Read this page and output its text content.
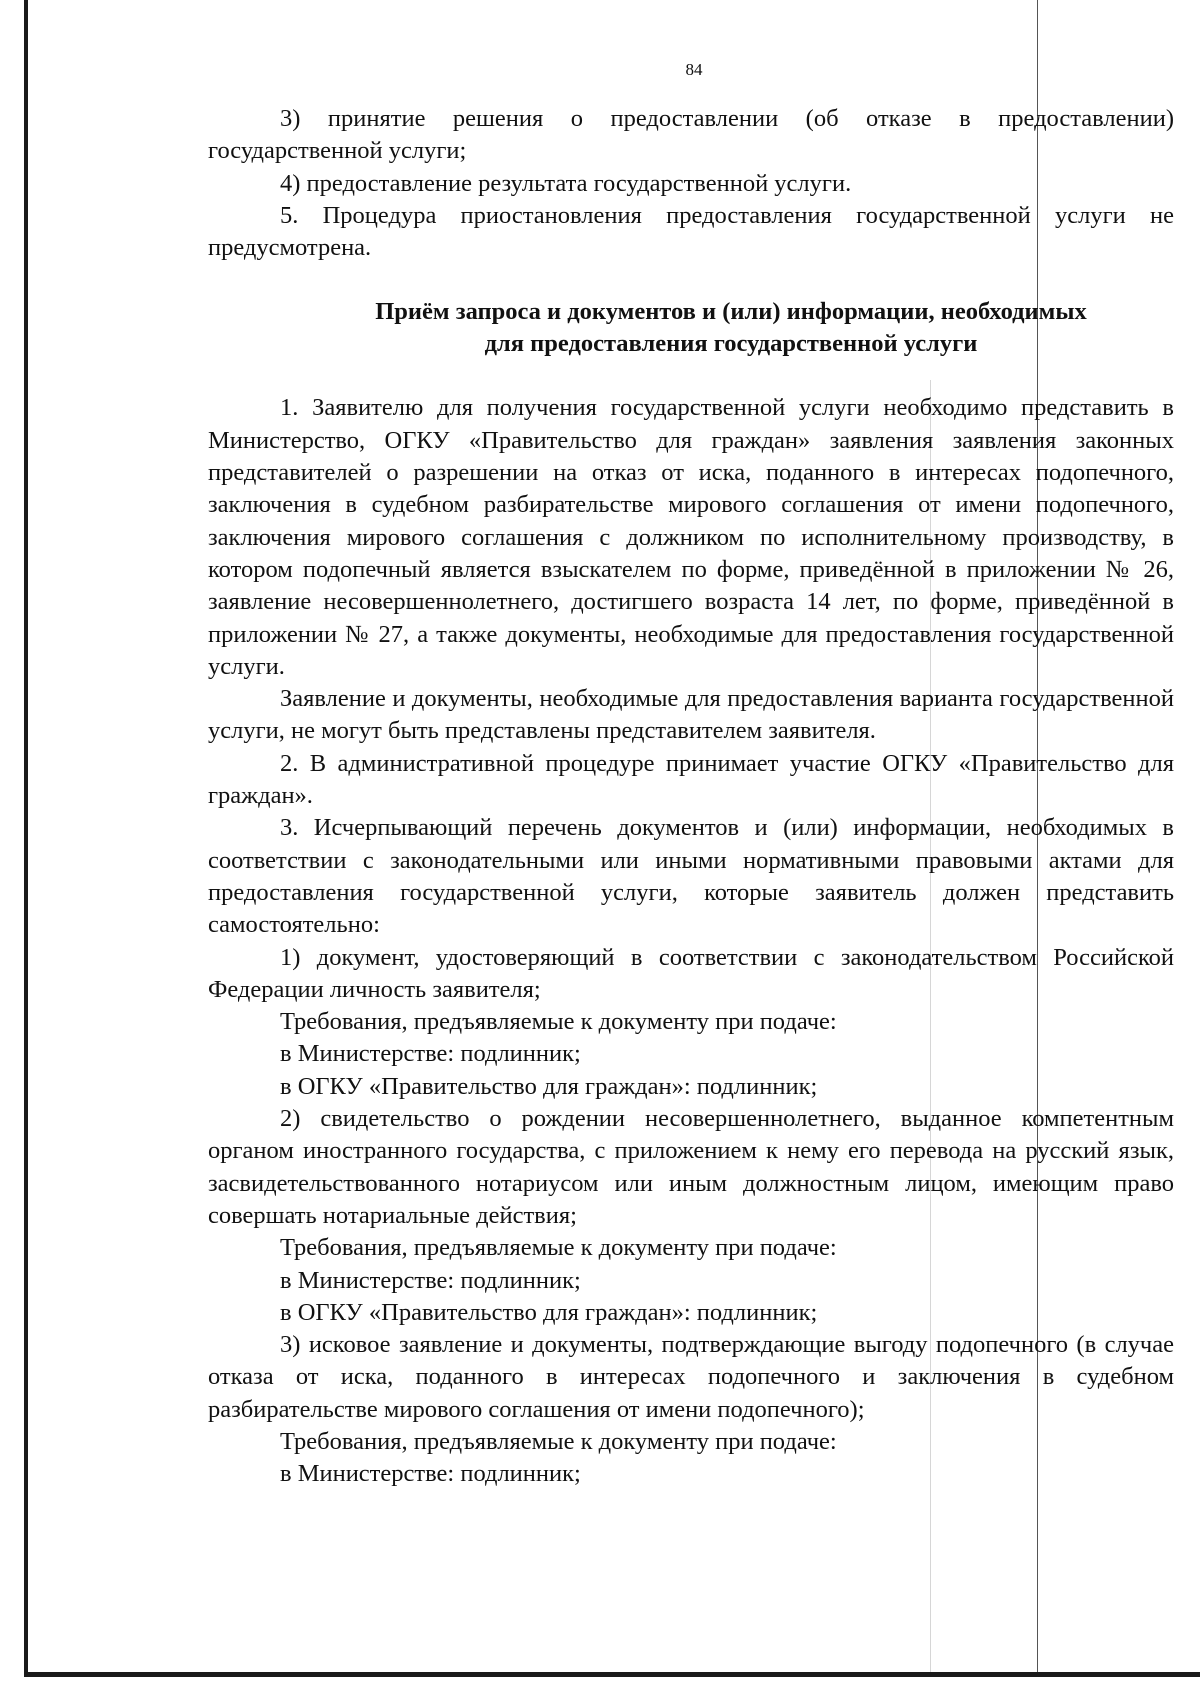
84

3) принятие решения о предоставлении (об отказе в предоставлении) государственной услуги;

4) предоставление результата государственной услуги.

5. Процедура приостановления предоставления государственной услуги не предусмотрена.

Приём запроса и документов и (или) информации, необходимых
для предоставления государственной услуги

1. Заявителю для получения государственной услуги необходимо представить в Министерство, ОГКУ «Правительство для граждан» заявления заявления законных представителей о разрешении на отказ от иска, поданного в интересах подопечного, заключения в судебном разбирательстве мирового соглашения от имени подопечного, заключения мирового соглашения с должником по исполнительному производству, в котором подопечный является взыскателем по форме, приведённой в приложении № 26, заявление несовершеннолетнего, достигшего возраста 14 лет, по форме, приведённой в приложении № 27, а также документы, необходимые для предоставления государственной услуги.

Заявление и документы, необходимые для предоставления варианта государственной услуги, не могут быть представлены представителем заявителя.

2. В административной процедуре принимает участие ОГКУ «Правительство для граждан».

3. Исчерпывающий перечень документов и (или) информации, необходимых в соответствии с законодательными или иными нормативными правовыми актами для предоставления государственной услуги, которые заявитель должен представить самостоятельно:

1) документ, удостоверяющий в соответствии с законодательством Российской Федерации личность заявителя;

Требования, предъявляемые к документу при подаче:

в Министерстве: подлинник;

в ОГКУ «Правительство для граждан»: подлинник;

2) свидетельство о рождении несовершеннолетнего, выданное компетентным органом иностранного государства, с приложением к нему его перевода на русский язык, засвидетельствованного нотариусом или иным должностным лицом, имеющим право совершать нотариальные действия;

Требования, предъявляемые к документу при подаче:

в Министерстве: подлинник;

в ОГКУ «Правительство для граждан»: подлинник;

3) исковое заявление и документы, подтверждающие выгоду подопечного (в случае отказа от иска, поданного в интересах подопечного и заключения в судебном разбирательстве мирового соглашения от имени подопечного);

Требования, предъявляемые к документу при подаче:

в Министерстве: подлинник;
